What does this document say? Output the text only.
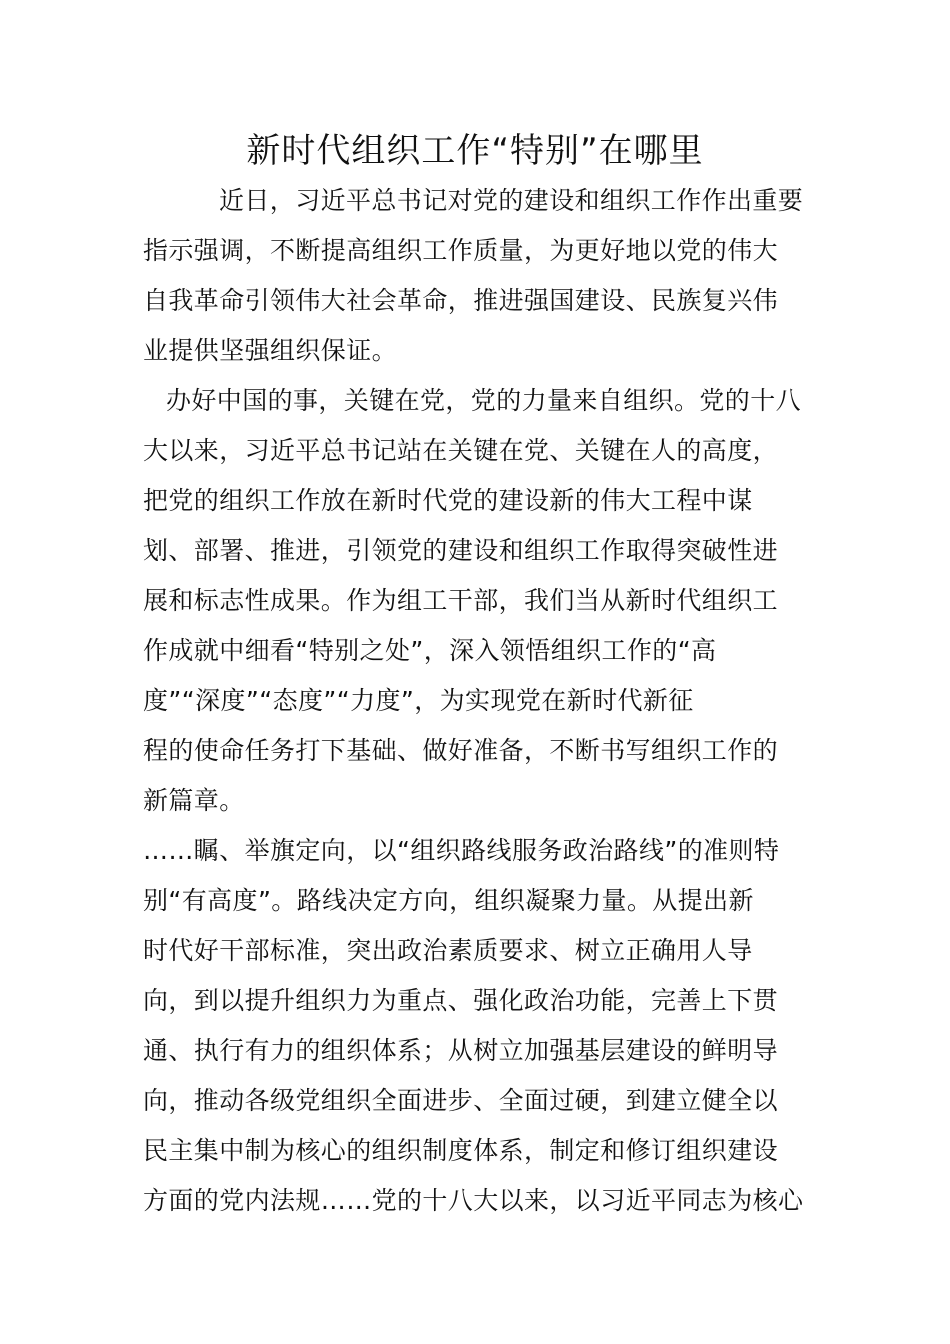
新时代组织工作“特别”在哪里
近日，习近平总书记对党的建设和组织工作作出重要
指示强调，不断提高组织工作质量，为更好地以党的伟大
自我革命引领伟大社会革命，推进强国建设、民族复兴伟
业提供坚强组织保证。
办好中国的事，关键在党，党的力量来自组织。党的十八
大以来，习近平总书记站在关键在党、关键在人的高度，
把党的组织工作放在新时代党的建设新的伟大工程中谋
划、部署、推进，引领党的建设和组织工作取得突破性进
展和标志性成果。作为组工干部，我们当从新时代组织工
作成就中细看“特别之处”，深入领悟组织工作的“高
度”“深度”“态度”“力度”，为实现党在新时代新征
程的使命任务打下基础、做好准备，不断书写组织工作的
新篇章。
……瞩、举旗定向，以“组织路线服务政治路线”的准则特
别“有高度”。路线决定方向，组织凝聚力量。从提出新
时代好干部标准，突出政治素质要求、树立正确用人导
向，到以提升组织力为重点、强化政治功能，完善上下贯
通、执行有力的组织体系；从树立加强基层建设的鲜明导
向，推动各级党组织全面进步、全面过硬，到建立健全以
民主集中制为核心的组织制度体系，制定和修订组织建设
方面的党内法规……党的十八大以来，以习近平同志为核心
